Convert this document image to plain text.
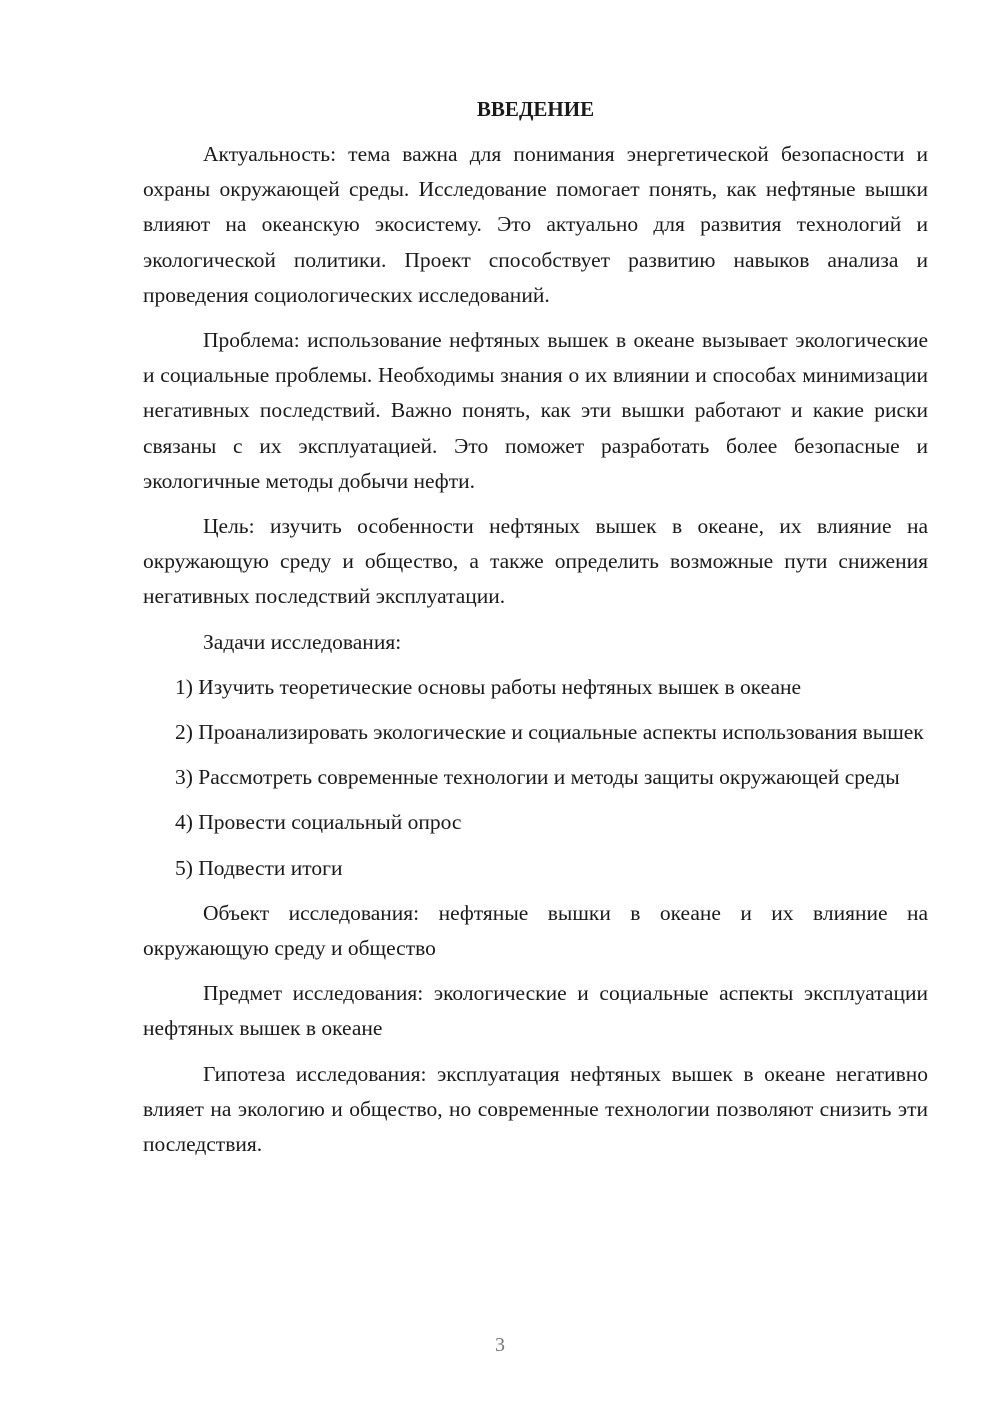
ВВЕДЕНИЕ

Актуальность: тема важна для понимания энергетической безопасности и охраны окружающей среды. Исследование помогает понять, как нефтяные вышки влияют на океанскую экосистему. Это актуально для развития технологий и экологической политики. Проект способствует развитию навыков анализа и проведения социологических исследований.

Проблема: использование нефтяных вышек в океане вызывает экологические и социальные проблемы. Необходимы знания о их влиянии и способах минимизации негативных последствий. Важно понять, как эти вышки работают и какие риски связаны с их эксплуатацией. Это поможет разработать более безопасные и экологичные методы добычи нефти.

Цель: изучить особенности нефтяных вышек в океане, их влияние на окружающую среду и общество, а также определить возможные пути снижения негативных последствий эксплуатации.

Задачи исследования:

1) Изучить теоретические основы работы нефтяных вышек в океане

2) Проанализировать экологические и социальные аспекты использования вышек

3) Рассмотреть современные технологии и методы защиты окружающей среды

4) Провести социальный опрос

5) Подвести итоги

Объект исследования: нефтяные вышки в океане и их влияние на окружающую среду и общество

Предмет исследования: экологические и социальные аспекты эксплуатации нефтяных вышек в океане

Гипотеза исследования: эксплуатация нефтяных вышек в океане негативно влияет на экологию и общество, но современные технологии позволяют снизить эти последствия.

3
